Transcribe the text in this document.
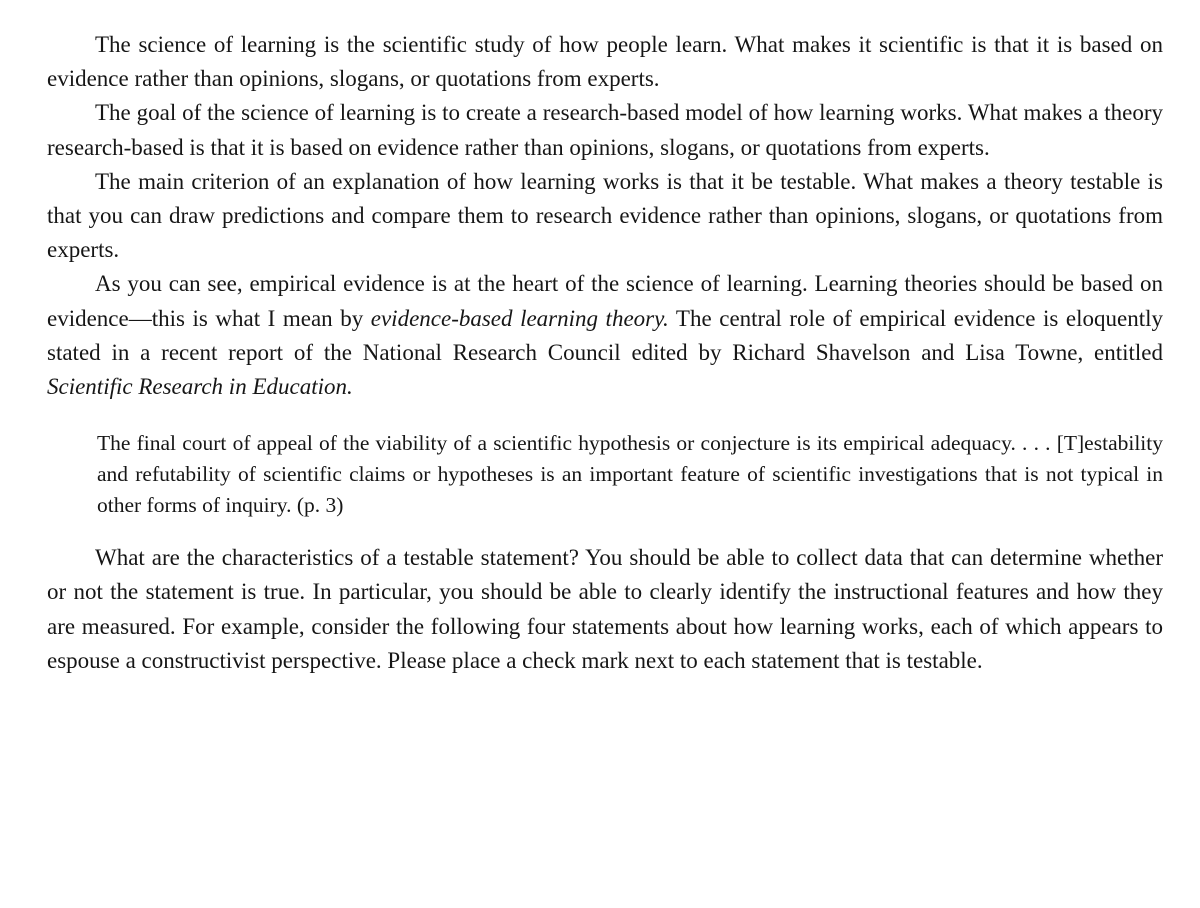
The science of learning is the scientific study of how people learn. What makes it scientific is that it is based on evidence rather than opinions, slogans, or quotations from experts.

The goal of the science of learning is to create a research-based model of how learning works. What makes a theory research-based is that it is based on evidence rather than opinions, slogans, or quotations from experts.

The main criterion of an explanation of how learning works is that it be testable. What makes a theory testable is that you can draw predictions and compare them to research evidence rather than opinions, slogans, or quotations from experts.

As you can see, empirical evidence is at the heart of the science of learning. Learning theories should be based on evidence—this is what I mean by evidence-based learning theory. The central role of empirical evidence is eloquently stated in a recent report of the National Research Council edited by Richard Shavelson and Lisa Towne, entitled Scientific Research in Education.

The final court of appeal of the viability of a scientific hypothesis or conjecture is its empirical adequacy. . . . [T]estability and refutability of scientific claims or hypotheses is an important feature of scientific investigations that is not typical in other forms of inquiry. (p. 3)

What are the characteristics of a testable statement? You should be able to collect data that can determine whether or not the statement is true. In particular, you should be able to clearly identify the instructional features and how they are measured. For example, consider the following four statements about how learning works, each of which appears to espouse a constructivist perspective. Please place a check mark next to each statement that is testable.
